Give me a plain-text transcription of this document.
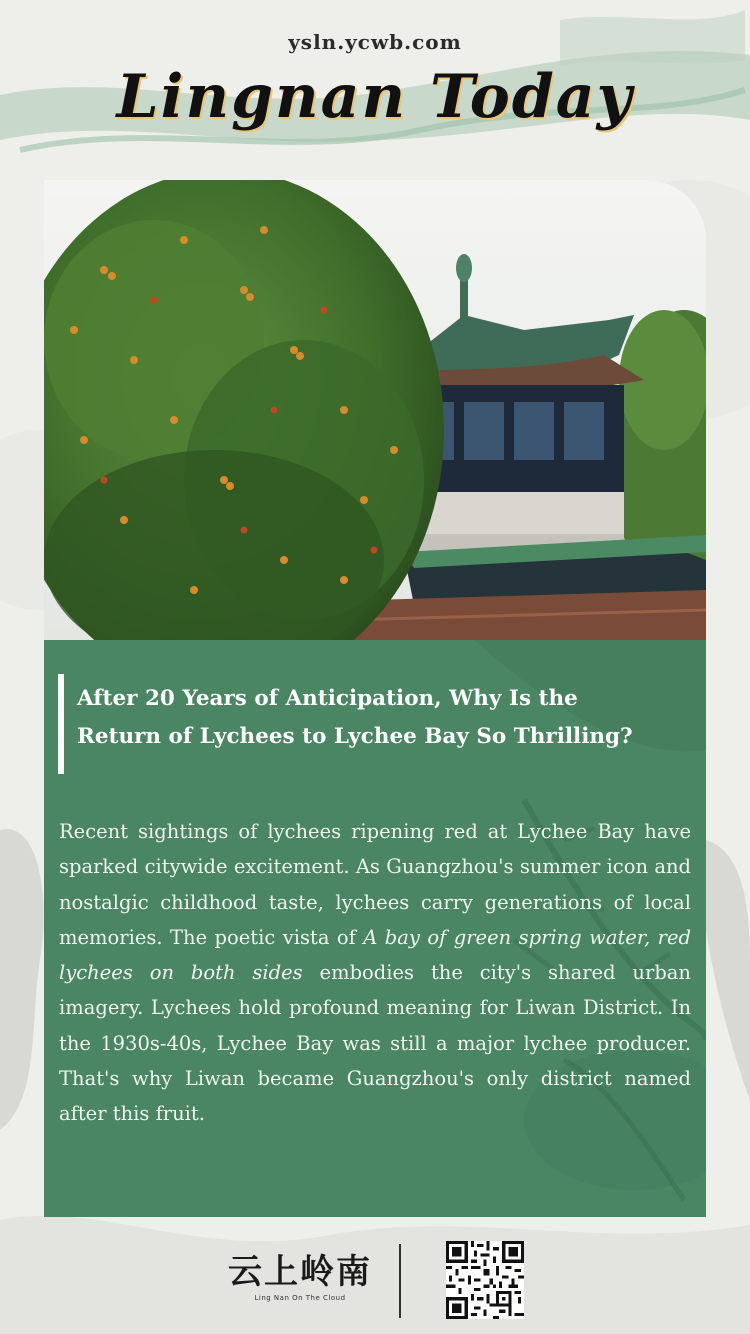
ysln.ycwb.com
Lingnan Today
After 20 Years of Anticipation, Why Is the
Return of Lychees to Lychee Bay So Thrilling?
Recent sightings of lychees ripening red at Lychee Bay have sparked citywide excitement. As Guangzhou's summer icon and nostalgic childhood taste, lychees carry generations of local memories. The poetic vista of A bay of green spring water, red lychees on both sides embodies the city's shared urban imagery. Lychees hold profound meaning for Liwan District. In the 1930s-40s, Lychee Bay was still a major lychee producer. That's why Liwan became Guangzhou's only district named after this fruit.
云上岭南
Ling Nan On The Cloud
